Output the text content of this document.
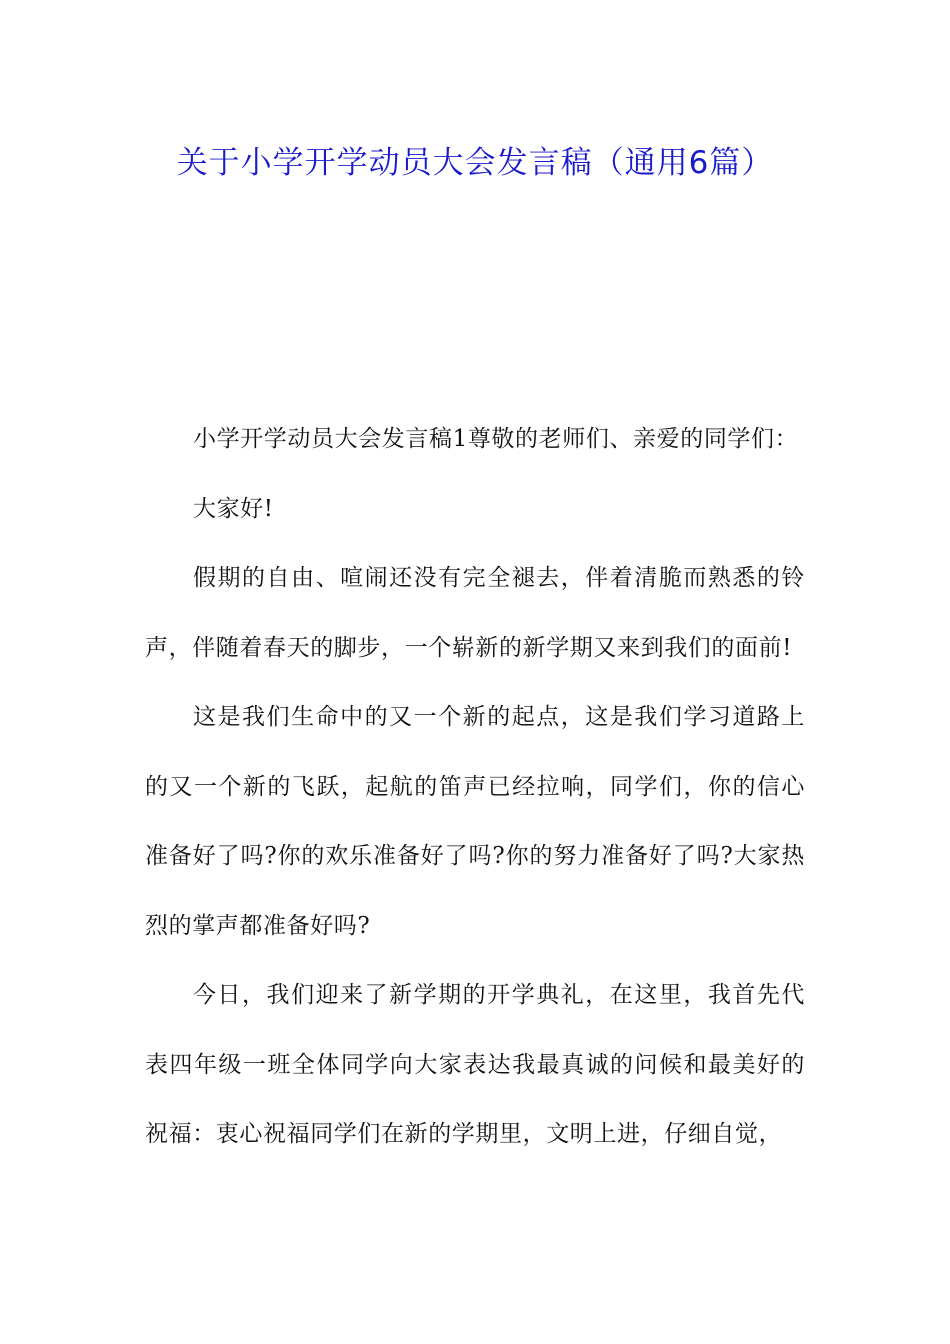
关于小学开学动员大会发言稿（通用6篇）

小学开学动员大会发言稿1尊敬的老师们、亲爱的同学们：

大家好!

假期的自由、喧闹还没有完全褪去，伴着清脆而熟悉的铃声，伴随着春天的脚步，一个崭新的新学期又来到我们的面前!

这是我们生命中的又一个新的起点，这是我们学习道路上的又一个新的飞跃，起航的笛声已经拉响，同学们，你的信心准备好了吗?你的欢乐准备好了吗?你的努力准备好了吗?大家热烈的掌声都准备好吗?

今日，我们迎来了新学期的开学典礼，在这里，我首先代表四年级一班全体同学向大家表达我最真诚的问候和最美好的祝福：衷心祝福同学们在新的学期里，文明上进，仔细自觉，
